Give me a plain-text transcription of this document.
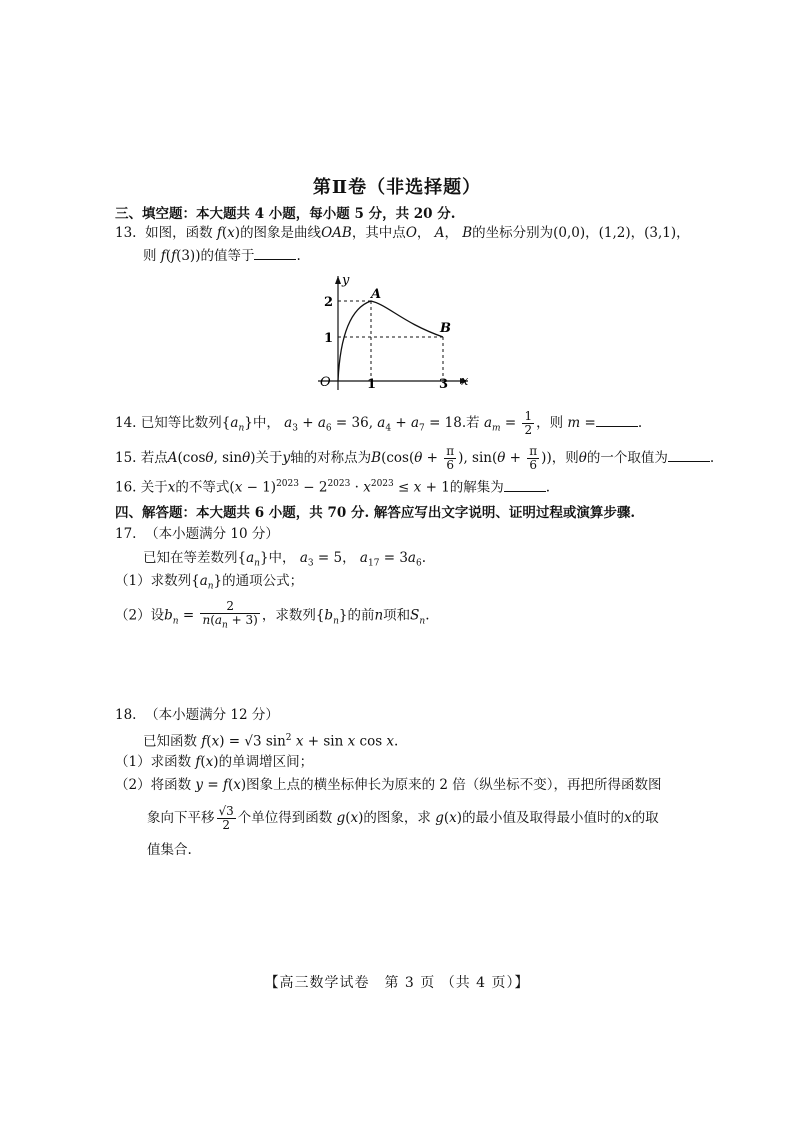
第Ⅱ卷（非选择题）
三、填空题：本大题共 4 小题，每小题 5 分，共 20 分.
13. 如图，函数 f(x)的图象是曲线OAB，其中点O， A， B的坐标分别为(0,0)，(1,2)，(3,1)，
则 f(f(3))的值等于	.
y
x
O
A
B
2
1
1	3
14. 已知等比数列$\{a_n\}$中， $a_3 + a_6 = 36$, $a_4 + a_7 = 18$.若 $a_m = \frac{1}{2}$ ，则 m =	.
15. 若点A(cosθ, sinθ)关于y轴的对称点为$B(\cos(\theta + \frac{\pi}{6}$ ), $\sin(\theta + \frac{\pi}{6}$ ))，则θ的一个取值为	.
16. 关于x的不等式$(x - 1)^{2023} - 2^{2023} \cdot x^{2023} \le x + 1$的解集为	.
四、解答题：本大题共 6 小题，共 70 分. 解答应写出文字说明、证明过程或演算步骤.
17. （本小题满分 10 分）
已知在等差数列$\{a_n\}$中， $a_3 = 5$， $a_{17} = 3a_6$.
（1）求数列$\{a_n\}$的通项公式；
（2）设$b_n = \frac{2}{n(a_n + 3)}$ ，求数列$\{b_n\}$的前n项和$S_n$.
18. （本小题满分 12 分）
已知函数 f(x) = √3 $\sin^2 x + \sin x$ cos x.
（1）求函数 f(x)的单调增区间；
（2）将函数 y = f(x)图象上点的横坐标伸长为原来的 2 倍（纵坐标不变），再把所得函数图
象向下平移 $\frac{√3}{2}$ 个单位得到函数 g(x)的图象，求 g(x)的最小值及取得最小值时的x的取
值集合.
【高三数学试卷　第 3 页 （共 4 页）】
